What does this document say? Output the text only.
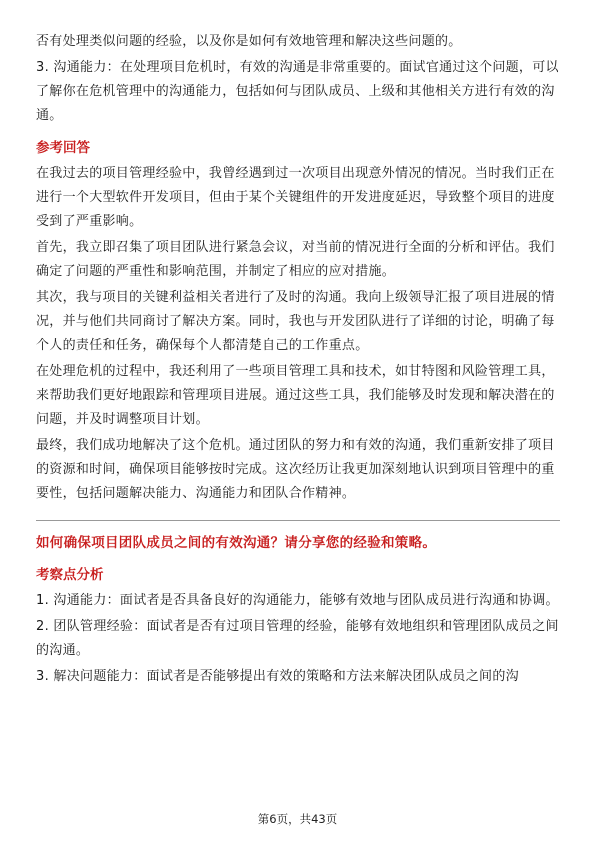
否有处理类似问题的经验，以及你是如何有效地管理和解决这些问题的。

3. 沟通能力：在处理项目危机时，有效的沟通是非常重要的。面试官通过这个问题，可以了解你在危机管理中的沟通能力，包括如何与团队成员、上级和其他相关方进行有效的沟通。

参考回答

在我过去的项目管理经验中，我曾经遇到过一次项目出现意外情况的情况。当时我们正在进行一个大型软件开发项目，但由于某个关键组件的开发进度延迟，导致整个项目的进度受到了严重影响。

首先，我立即召集了项目团队进行紧急会议，对当前的情况进行全面的分析和评估。我们确定了问题的严重性和影响范围，并制定了相应的应对措施。

其次，我与项目的关键利益相关者进行了及时的沟通。我向上级领导汇报了项目进展的情况，并与他们共同商讨了解决方案。同时，我也与开发团队进行了详细的讨论，明确了每个人的责任和任务，确保每个人都清楚自己的工作重点。

在处理危机的过程中，我还利用了一些项目管理工具和技术，如甘特图和风险管理工具，来帮助我们更好地跟踪和管理项目进展。通过这些工具，我们能够及时发现和解决潜在的问题，并及时调整项目计划。

最终，我们成功地解决了这个危机。通过团队的努力和有效的沟通，我们重新安排了项目的资源和时间，确保项目能够按时完成。这次经历让我更加深刻地认识到项目管理中的重要性，包括问题解决能力、沟通能力和团队合作精神。

如何确保项目团队成员之间的有效沟通？请分享您的经验和策略。
考察点分析

1. 沟通能力：面试者是否具备良好的沟通能力，能够有效地与团队成员进行沟通和协调。

2. 团队管理经验：面试者是否有过项目管理的经验，能够有效地组织和管理团队成员之间的沟通。

3. 解决问题能力：面试者是否能够提出有效的策略和方法来解决团队成员之间的沟

第6页，共43页
